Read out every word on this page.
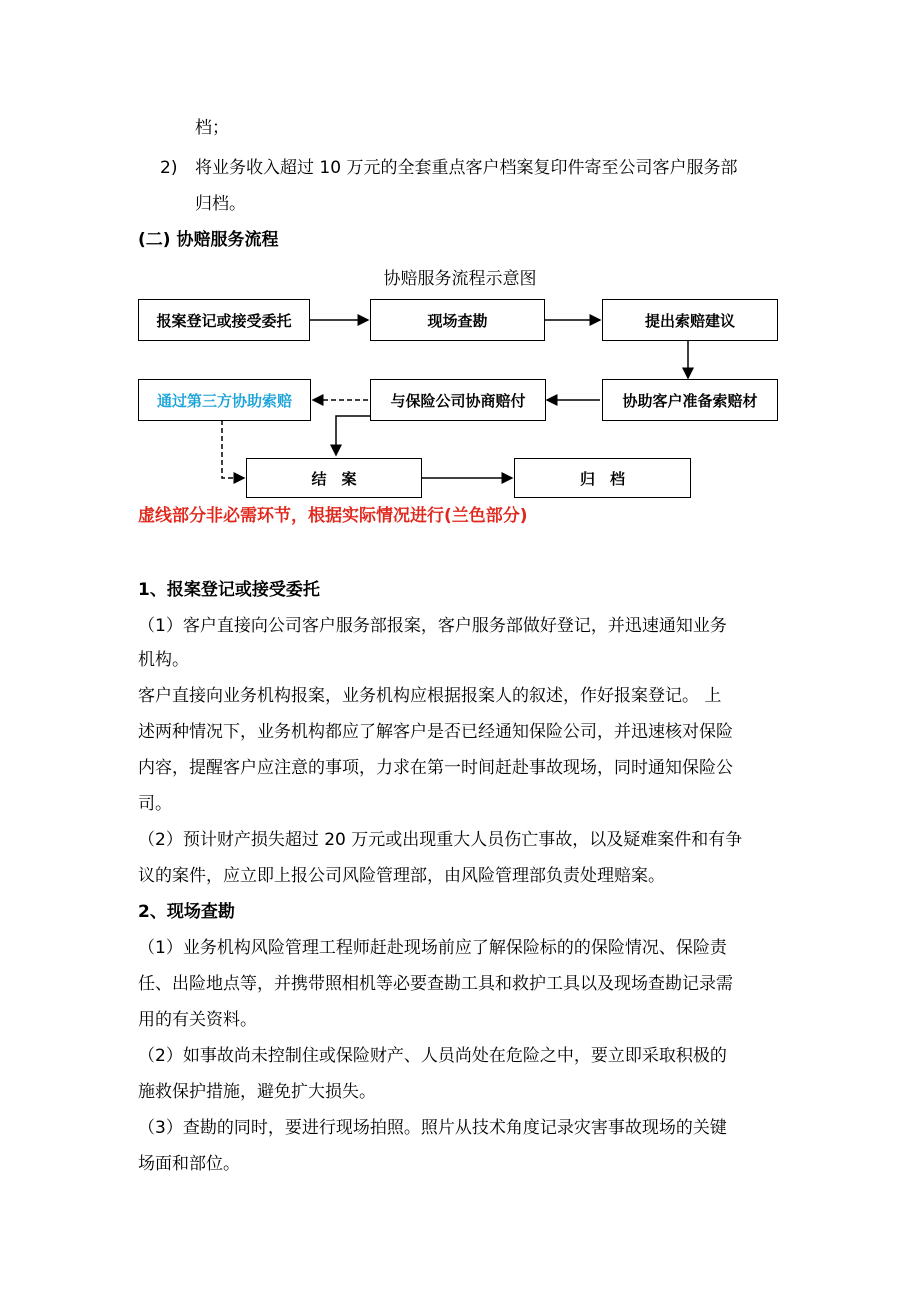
档；
2) 将业务收入超过 10 万元的全套重点客户档案复印件寄至公司客户服务部
归档。
(二) 协赔服务流程
协赔服务流程示意图
报案登记或接受委托	现场查勘	提出索赔建议
通过第三方协助索赔	与保险公司协商赔付	协助客户准备索赔材
结　案	归　档
虚线部分非必需环节，根据实际情况进行(兰色部分)
1、报案登记或接受委托
（1）客户直接向公司客户服务部报案，客户服务部做好登记，并迅速通知业务
机构。
客户直接向业务机构报案，业务机构应根据报案人的叙述，作好报案登记。 上
述两种情况下，业务机构都应了解客户是否已经通知保险公司，并迅速核对保险
内容，提醒客户应注意的事项，力求在第一时间赶赴事故现场，同时通知保险公
司。
（2）预计财产损失超过 20 万元或出现重大人员伤亡事故，以及疑难案件和有争
议的案件，应立即上报公司风险管理部，由风险管理部负责处理赔案。
2、现场查勘
（1）业务机构风险管理工程师赶赴现场前应了解保险标的的保险情况、保险责
任、出险地点等，并携带照相机等必要查勘工具和救护工具以及现场查勘记录需
用的有关资料。
（2）如事故尚未控制住或保险财产、人员尚处在危险之中，要立即采取积极的
施救保护措施，避免扩大损失。
（3）查勘的同时，要进行现场拍照。照片从技术角度记录灾害事故现场的关键
场面和部位。
